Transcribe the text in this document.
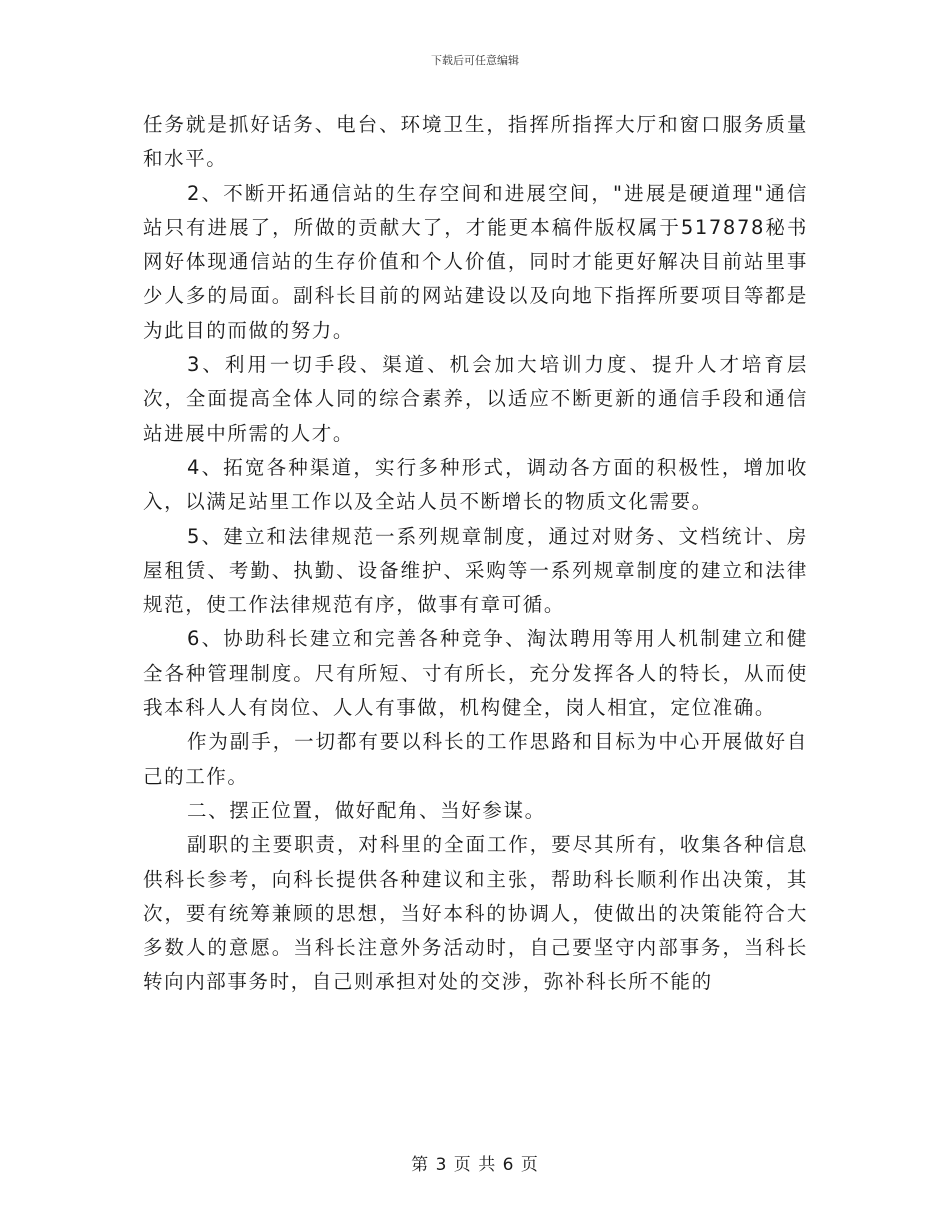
下载后可任意编辑

任务就是抓好话务、电台、环境卫生，指挥所指挥大厅和窗口服务质量和水平。

2、不断开拓通信站的生存空间和进展空间，"进展是硬道理"通信站只有进展了，所做的贡献大了，才能更本稿件版权属于517878秘书网好体现通信站的生存价值和个人价值，同时才能更好解决目前站里事少人多的局面。副科长目前的网站建设以及向地下指挥所要项目等都是为此目的而做的努力。

3、利用一切手段、渠道、机会加大培训力度、提升人才培育层次，全面提高全体人同的综合素养，以适应不断更新的通信手段和通信站进展中所需的人才。

4、拓宽各种渠道，实行多种形式，调动各方面的积极性，增加收入，以满足站里工作以及全站人员不断增长的物质文化需要。

5、建立和法律规范一系列规章制度，通过对财务、文档统计、房屋租赁、考勤、执勤、设备维护、采购等一系列规章制度的建立和法律规范，使工作法律规范有序，做事有章可循。

6、协助科长建立和完善各种竞争、淘汰聘用等用人机制建立和健全各种管理制度。尺有所短、寸有所长，充分发挥各人的特长，从而使我本科人人有岗位、人人有事做，机构健全，岗人相宜，定位准确。

作为副手，一切都有要以科长的工作思路和目标为中心开展做好自己的工作。

二、摆正位置，做好配角、当好参谋。

副职的主要职责，对科里的全面工作，要尽其所有，收集各种信息供科长参考，向科长提供各种建议和主张，帮助科长顺利作出决策，其次，要有统筹兼顾的思想，当好本科的协调人，使做出的决策能符合大多数人的意愿。当科长注意外务活动时，自己要坚守内部事务，当科长转向内部事务时，自己则承担对处的交涉，弥补科长所不能的

第 3 页 共 6 页
